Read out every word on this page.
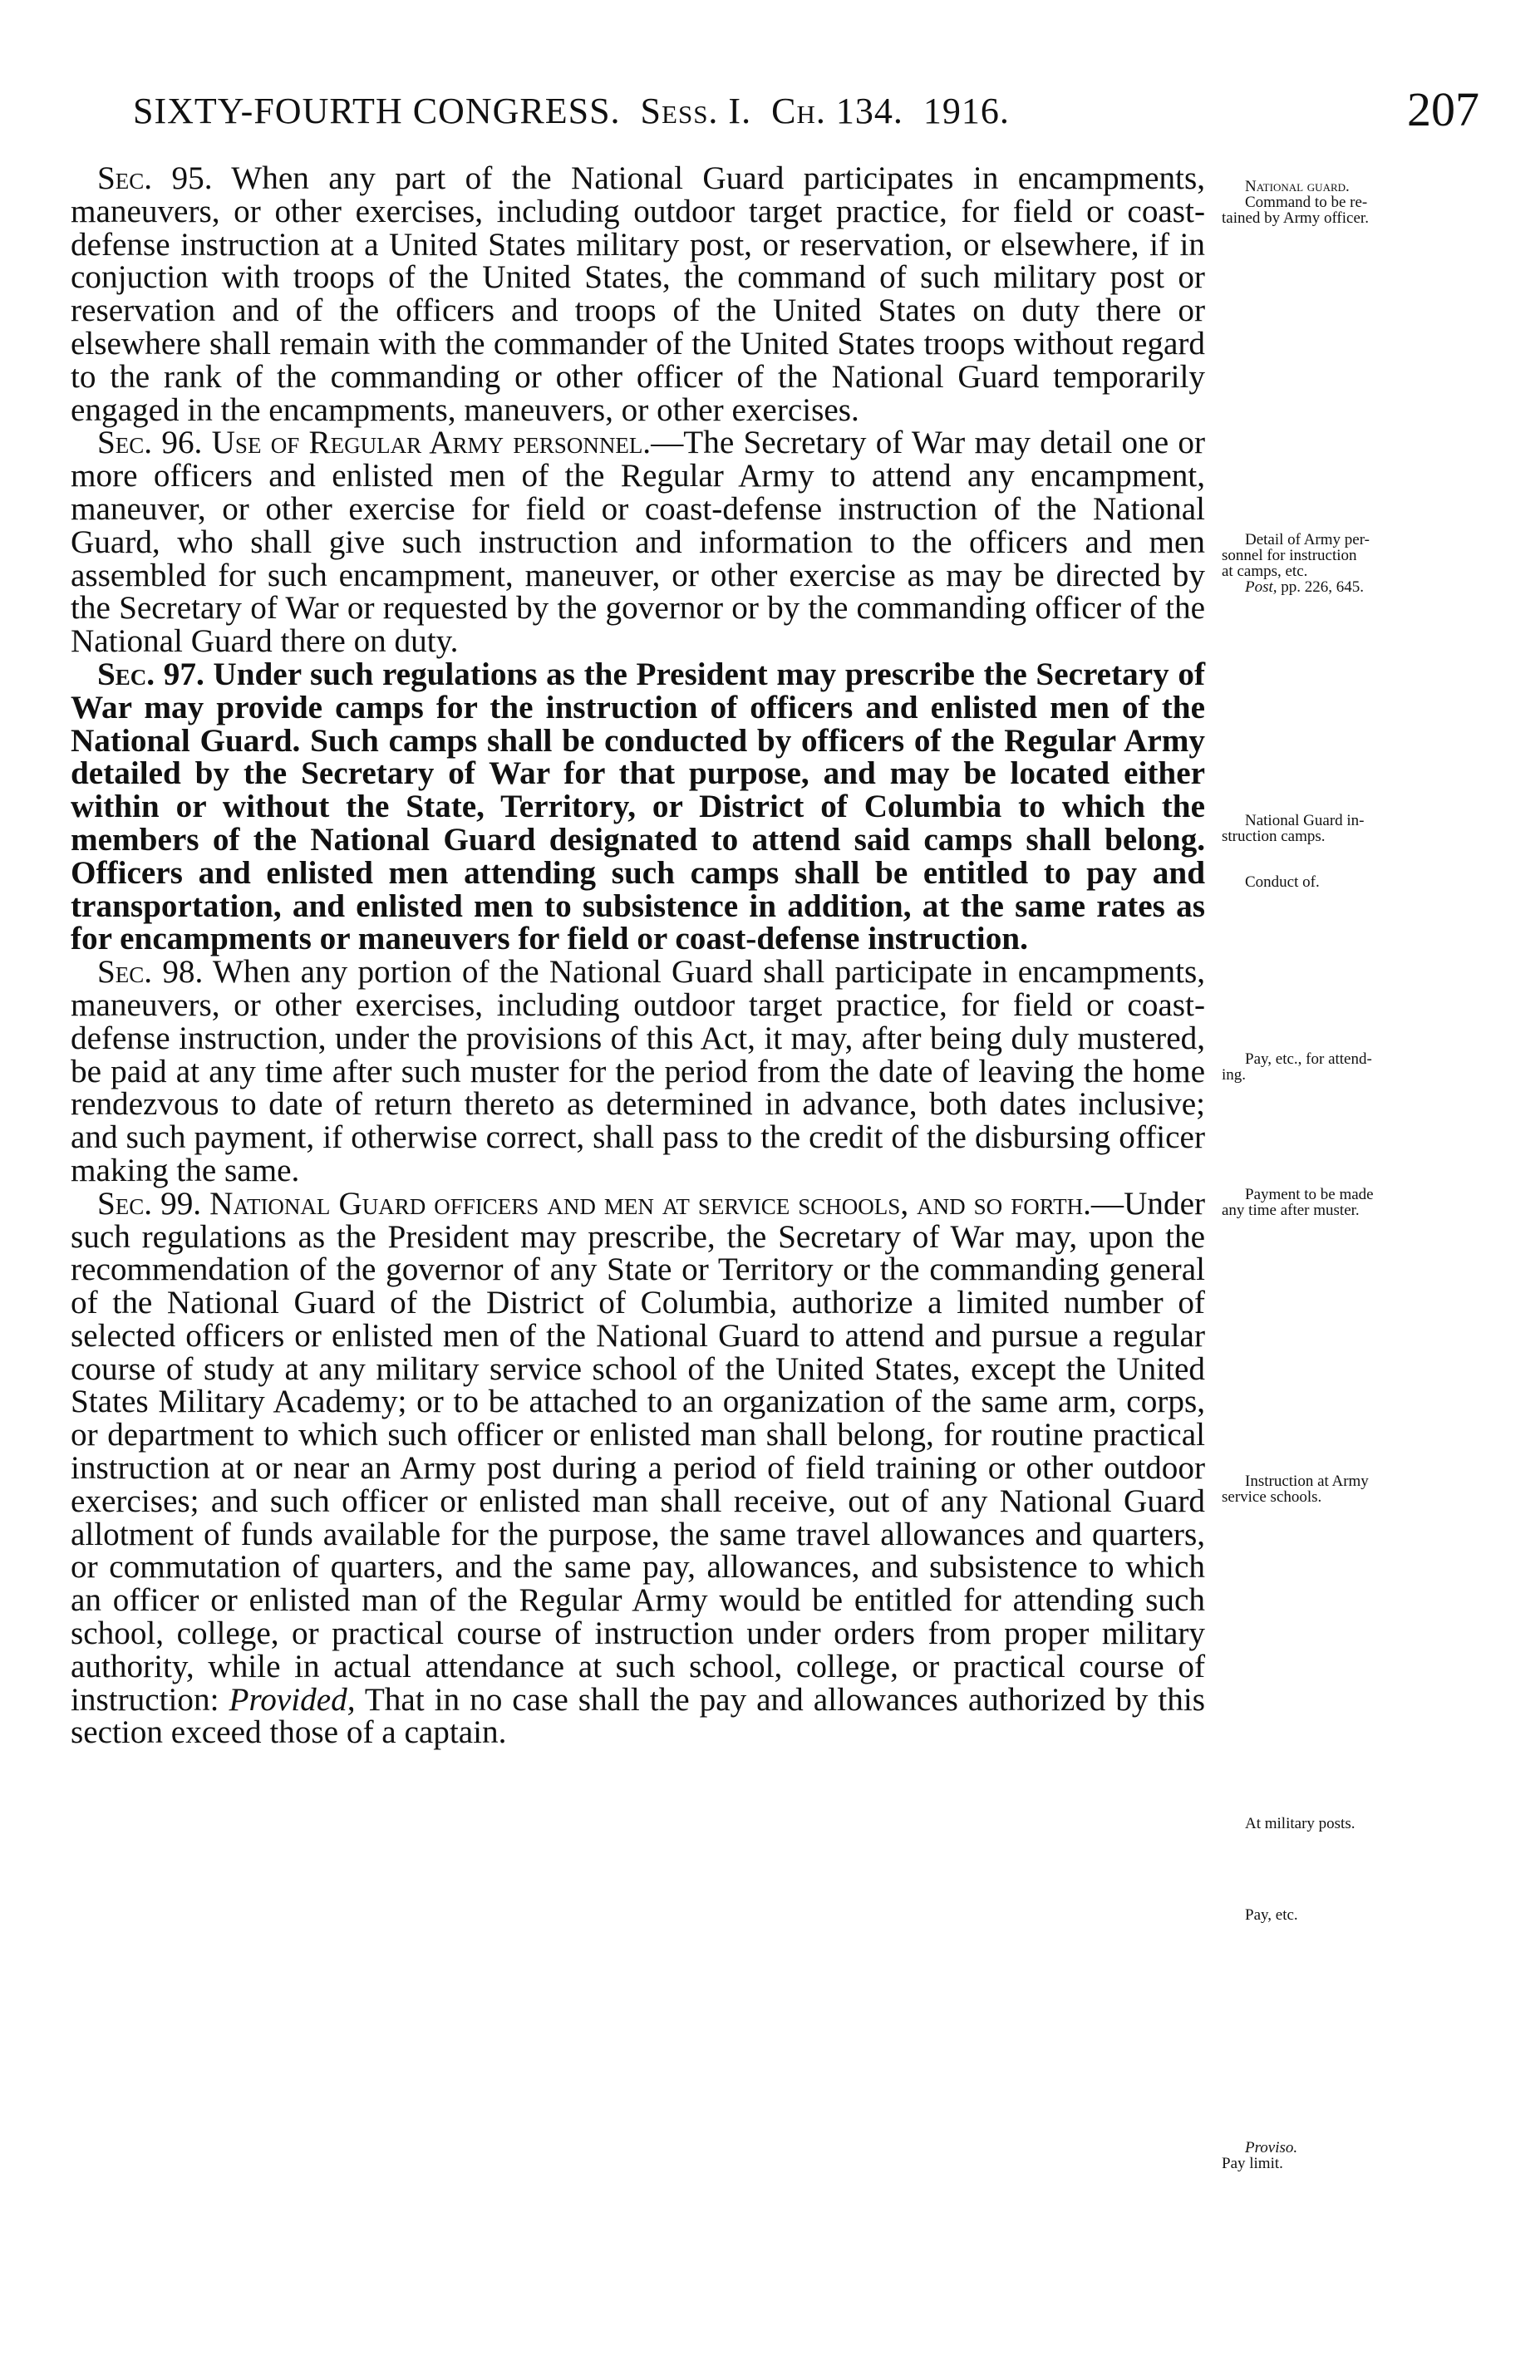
SIXTY-FOURTH CONGRESS. Sess. I. Ch. 134. 1916.	207

Sec. 95. When any part of the National Guard participates in encampments, maneuvers, or other exercises, including outdoor target practice, for field or coast-defense instruction at a United States military post, or reservation, or elsewhere, if in conjuction with troops of the United States, the command of such military post or reservation and of the officers and troops of the United States on duty there or elsewhere shall remain with the commander of the United States troops without regard to the rank of the commanding or other officer of the National Guard temporarily engaged in the encampments, maneuvers, or other exercises.

Sec. 96. Use of Regular Army personnel.—The Secretary of War may detail one or more officers and enlisted men of the Regular Army to attend any encampment, maneuver, or other exercise for field or coast-defense instruction of the National Guard, who shall give such instruction and information to the officers and men assembled for such encampment, maneuver, or other exercise as may be directed by the Secretary of War or requested by the governor or by the commanding officer of the National Guard there on duty.

Sec. 97. Under such regulations as the President may prescribe the Secretary of War may provide camps for the instruction of officers and enlisted men of the National Guard. Such camps shall be conducted by officers of the Regular Army detailed by the Secretary of War for that purpose, and may be located either within or without the State, Territory, or District of Columbia to which the members of the National Guard designated to attend said camps shall belong. Officers and enlisted men attending such camps shall be entitled to pay and transportation, and enlisted men to subsistence in addition, at the same rates as for encampments or maneuvers for field or coast-defense instruction.

Sec. 98. When any portion of the National Guard shall participate in encampments, maneuvers, or other exercises, including outdoor target practice, for field or coast-defense instruction, under the provisions of this Act, it may, after being duly mustered, be paid at any time after such muster for the period from the date of leaving the home rendezvous to date of return thereto as determined in advance, both dates inclusive; and such payment, if otherwise correct, shall pass to the credit of the disbursing officer making the same.

Sec. 99. National Guard officers and men at service schools, and so forth.—Under such regulations as the President may prescribe, the Secretary of War may, upon the recommendation of the governor of any State or Territory or the commanding general of the National Guard of the District of Columbia, authorize a limited number of selected officers or enlisted men of the National Guard to attend and pursue a regular course of study at any military service school of the United States, except the United States Military Academy; or to be attached to an organization of the same arm, corps, or department to which such officer or enlisted man shall belong, for routine practical instruction at or near an Army post during a period of field training or other outdoor exercises; and such officer or enlisted man shall receive, out of any National Guard allotment of funds available for the purpose, the same travel allowances and quarters, or commutation of quarters, and the same pay, allowances, and subsistence to which an officer or enlisted man of the Regular Army would be entitled for attending such school, college, or practical course of instruction under orders from proper military authority, while in actual attendance at such school, college, or practical course of instruction: Provided, That in no case shall the pay and allowances authorized by this section exceed those of a captain.

National guard.
Command to be re-
tained by Army officer.
Detail of Army per-
sonnel for instruction
at camps, etc.
Post, pp. 226, 645.
National Guard in-
struction camps.
Conduct of.
Pay, etc., for attend-
ing.
Payment to be made
any time after muster.
Instruction at Army
service schools.
At military posts.
Pay, etc.
Proviso.
Pay limit.
